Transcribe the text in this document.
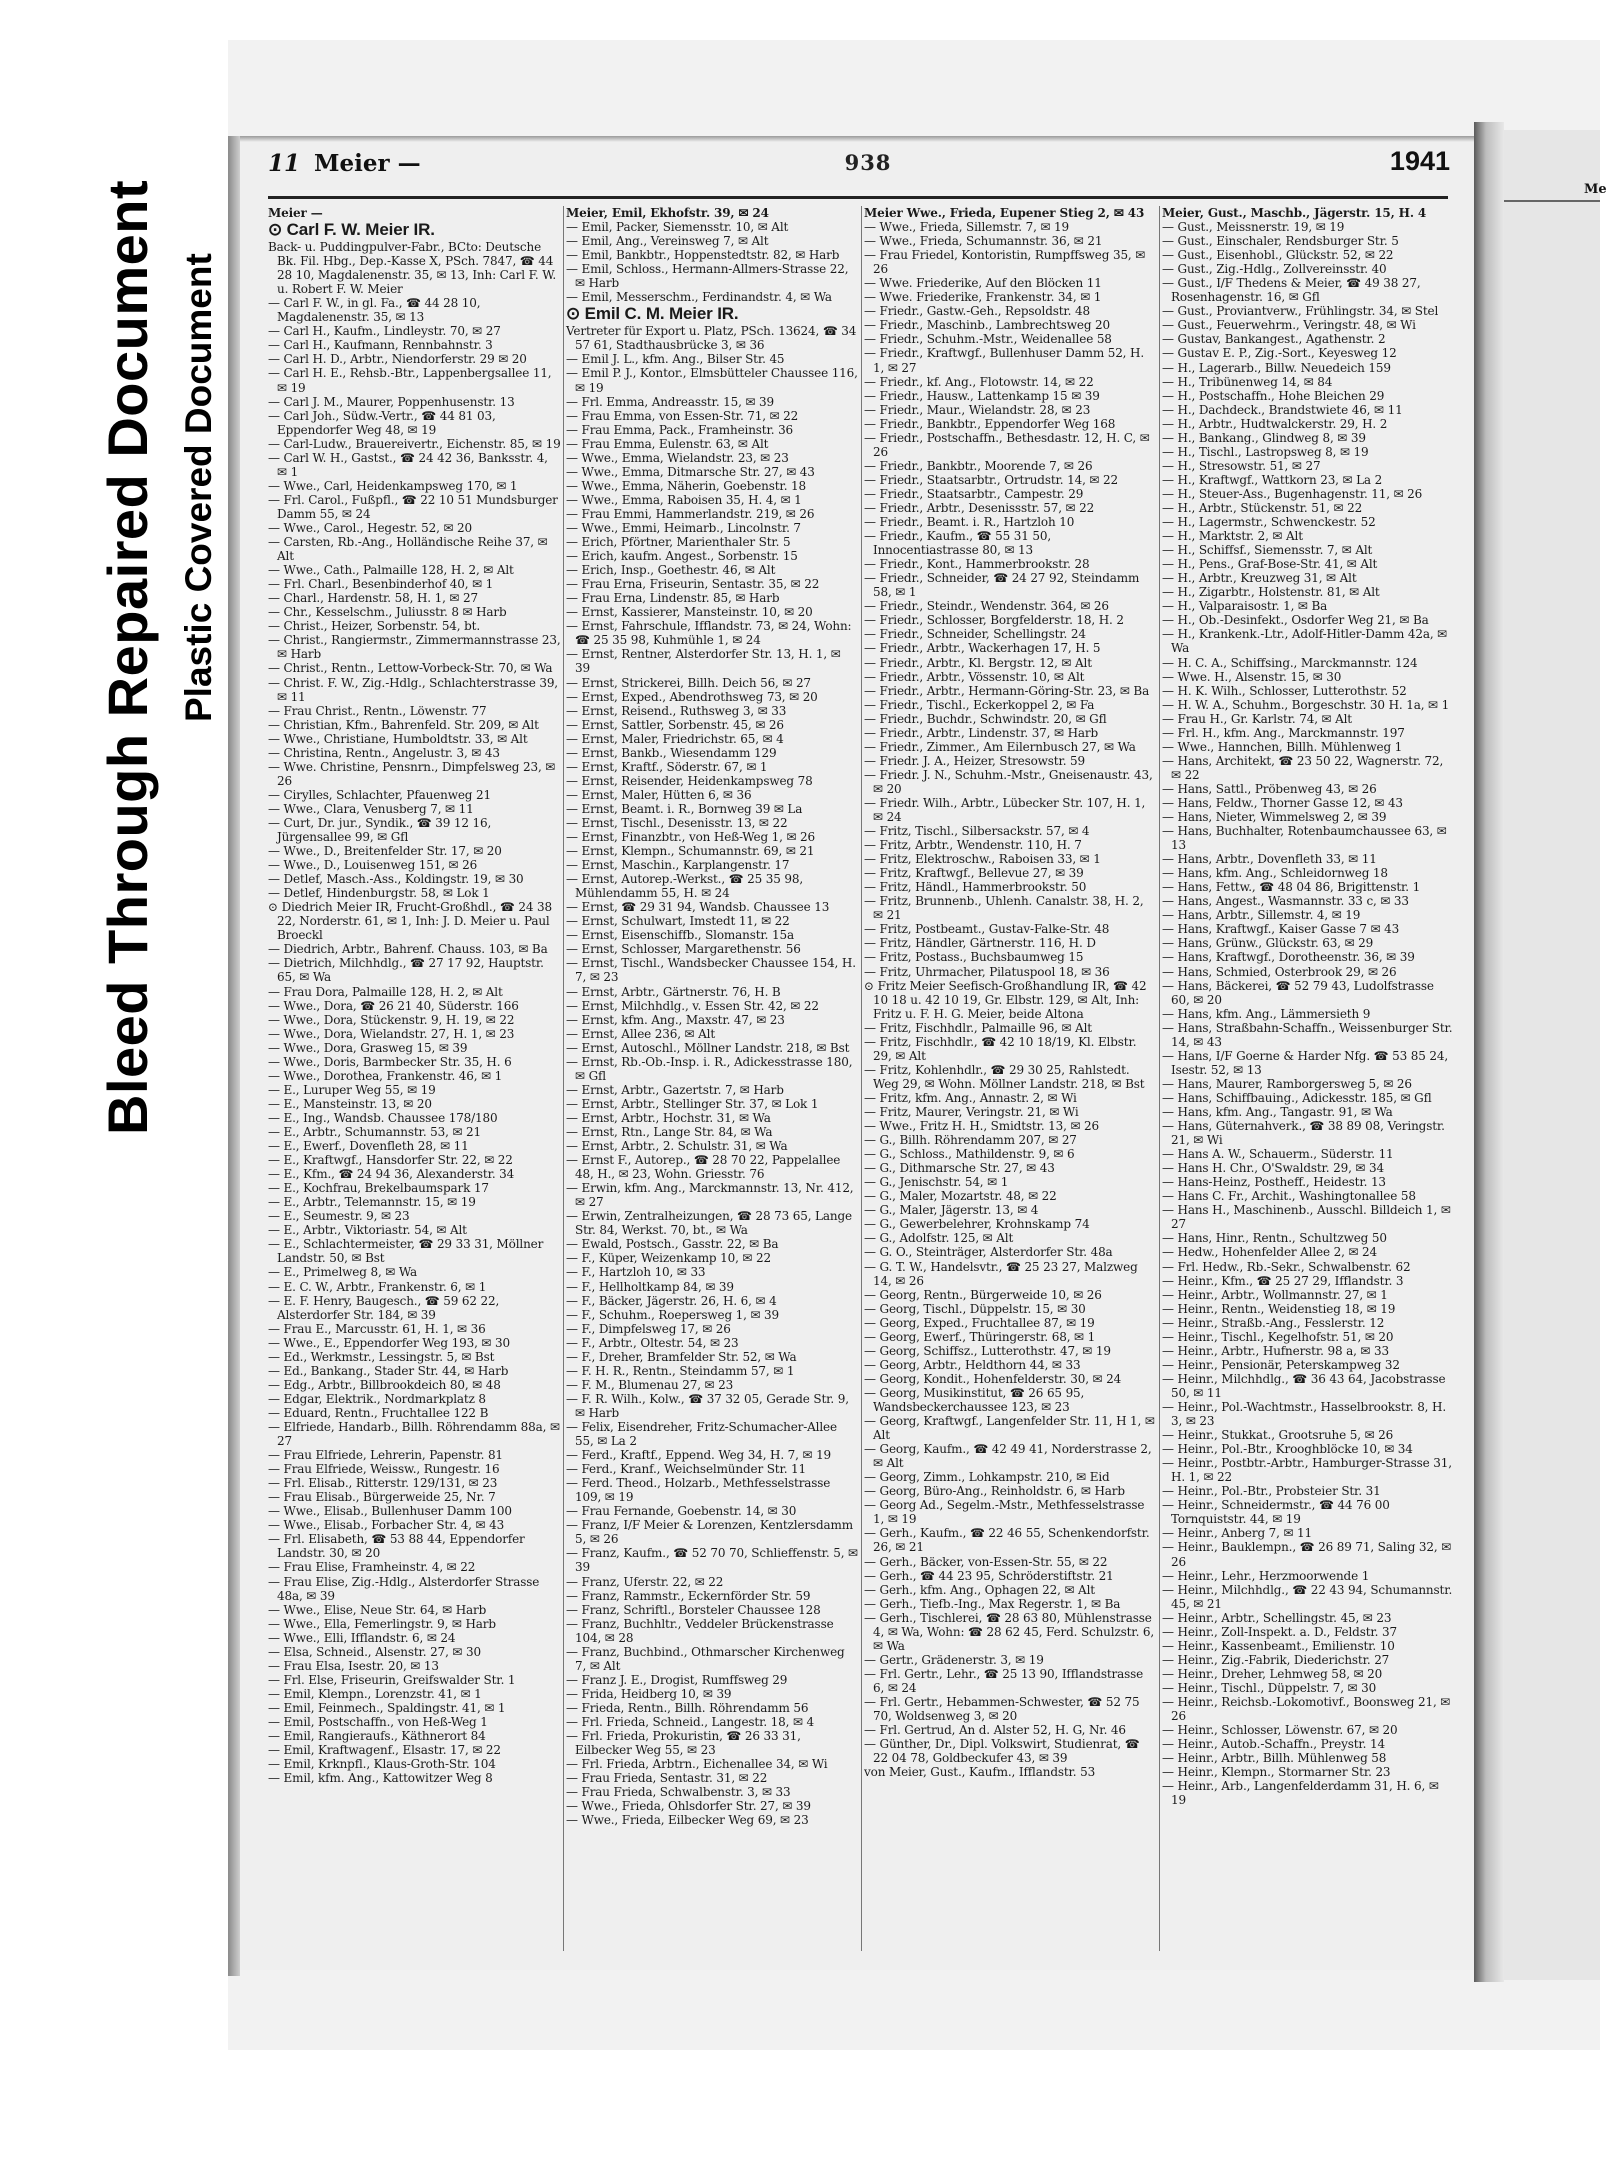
Bleed Through Repaired Document Plastic Covered Document
Me
11 Meier —	938	1941

Meier —

⊙ Carl F. W. Meier IR.

Back- u. Puddingpulver-Fabr., BCto: Deutsche Bk. Fil. Hbg., Dep.-Kasse X, PSch. 7847, ☎ 44 28 10, Magdalenenstr. 35, ✉ 13, Inh: Carl F. W. u. Robert F. W. Meier

— Carl F. W., in gl. Fa., ☎ 44 28 10, Magdalenenstr. 35, ✉ 13

— Carl H., Kaufm., Lindleystr. 70, ✉ 27

— Carl H., Kaufmann, Rennbahnstr. 3

— Carl H. D., Arbtr., Niendorferstr. 29 ✉ 20

— Carl H. E., Rehsb.-Btr., Lappenbergsallee 11, ✉ 19

— Carl J. M., Maurer, Poppenhusenstr. 13

— Carl Joh., Südw.-Vertr., ☎ 44 81 03, Eppendorfer Weg 48, ✉ 19

— Carl-Ludw., Brauereivertr., Eichenstr. 85, ✉ 19

— Carl W. H., Gastst., ☎ 24 42 36, Banksstr. 4, ✉ 1

— Wwe., Carl, Heidenkampsweg 170, ✉ 1

— Frl. Carol., Fußpfl., ☎ 22 10 51 Mundsburger Damm 55, ✉ 24

— Wwe., Carol., Hegestr. 52, ✉ 20

— Carsten, Rb.-Ang., Holländische Reihe 37, ✉ Alt

— Wwe., Cath., Palmaille 128, H. 2, ✉ Alt

— Frl. Charl., Besenbinderhof 40, ✉ 1

— Charl., Hardenstr. 58, H. 1, ✉ 27

— Chr., Kesselschm., Juliusstr. 8 ✉ Harb

— Christ., Heizer, Sorbenstr. 54, bt.

— Christ., Rangiermstr., Zimmermannstrasse 23, ✉ Harb

— Christ., Rentn., Lettow-Vorbeck-Str. 70, ✉ Wa

— Christ. F. W., Zig.-Hdlg., Schlachterstrasse 39, ✉ 11

— Frau Christ., Rentn., Löwenstr. 77

— Christian, Kfm., Bahrenfeld. Str. 209, ✉ Alt

— Wwe., Christiane, Humboldtstr. 33, ✉ Alt

— Christina, Rentn., Angelustr. 3, ✉ 43

— Wwe. Christine, Pensnrn., Dimpfelsweg 23, ✉ 26

— Cirylles, Schlachter, Pfauenweg 21

— Wwe., Clara, Venusberg 7, ✉ 11

— Curt, Dr. jur., Syndik., ☎ 39 12 16, Jürgensallee 99, ✉ Gfl

— Wwe., D., Breitenfelder Str. 17, ✉ 20

— Wwe., D., Louisenweg 151, ✉ 26

— Detlef, Masch.-Ass., Koldingstr. 19, ✉ 30

— Detlef, Hindenburgstr. 58, ✉ Lok 1

⊙ Diedrich Meier IR, Frucht-Großhdl., ☎ 24 38 22, Norderstr. 61, ✉ 1, Inh: J. D. Meier u. Paul Broeckl

— Diedrich, Arbtr., Bahrenf. Chauss. 103, ✉ Ba

— Dietrich, Milchhdlg., ☎ 27 17 92, Hauptstr. 65, ✉ Wa

— Frau Dora, Palmaille 128, H. 2, ✉ Alt

— Wwe., Dora, ☎ 26 21 40, Süderstr. 166

— Wwe., Dora, Stückenstr. 9, H. 19, ✉ 22

— Wwe., Dora, Wielandstr. 27, H. 1, ✉ 23

— Wwe., Dora, Grasweg 15, ✉ 39

— Wwe., Doris, Barmbecker Str. 35, H. 6

— Wwe., Dorothea, Frankenstr. 46, ✉ 1

— E., Luruper Weg 55, ✉ 19

— E., Mansteinstr. 13, ✉ 20

— E., Ing., Wandsb. Chaussee 178/180

— E., Arbtr., Schumannstr. 53, ✉ 21

— E., Ewerf., Dovenfleth 28, ✉ 11

— E., Kraftwgf., Hansdorfer Str. 22, ✉ 22

— E., Kfm., ☎ 24 94 36, Alexanderstr. 34

— E., Kochfrau, Brekelbaumspark 17

— E., Arbtr., Telemannstr. 15, ✉ 19

— E., Seumestr. 9, ✉ 23

— E., Arbtr., Viktoriastr. 54, ✉ Alt

— E., Schlachtermeister, ☎ 29 33 31, Möllner Landstr. 50, ✉ Bst

— E., Primelweg 8, ✉ Wa

— E. C. W., Arbtr., Frankenstr. 6, ✉ 1

— E. F. Henry, Baugesch., ☎ 59 62 22, Alsterdorfer Str. 184, ✉ 39

— Frau E., Marcusstr. 61, H. 1, ✉ 36

— Wwe., E., Eppendorfer Weg 193, ✉ 30

— Ed., Werkmstr., Lessingstr. 5, ✉ Bst

— Ed., Bankang., Stader Str. 44, ✉ Harb

— Edg., Arbtr., Billbrookdeich 80, ✉ 48

— Edgar, Elektrik., Nordmarkplatz 8

— Eduard, Rentn., Fruchtallee 122 B

— Elfriede, Handarb., Billh. Röhrendamm 88a, ✉ 27

— Frau Elfriede, Lehrerin, Papenstr. 81

— Frau Elfriede, Weissw., Rungestr. 16

— Frl. Elisab., Ritterstr. 129/131, ✉ 23

— Frau Elisab., Bürgerweide 25, Nr. 7

— Wwe., Elisab., Bullenhuser Damm 100

— Wwe., Elisab., Forbacher Str. 4, ✉ 43

— Frl. Elisabeth, ☎ 53 88 44, Eppendorfer Landstr. 30, ✉ 20

— Frau Elise, Framheinstr. 4, ✉ 22

— Frau Elise, Zig.-Hdlg., Alsterdorfer Strasse 48a, ✉ 39

— Wwe., Elise, Neue Str. 64, ✉ Harb

— Wwe., Ella, Femerlingstr. 9, ✉ Harb

— Wwe., Elli, Ifflandstr. 6, ✉ 24

— Elsa, Schneid., Alsenstr. 27, ✉ 30

— Frau Elsa, Isestr. 20, ✉ 13

— Frl. Else, Friseurin, Greifswalder Str. 1

— Emil, Klempn., Lorenzstr. 41, ✉ 1

— Emil, Feinmech., Spaldingstr. 41, ✉ 1

— Emil, Postschaffn., von Heß-Weg 1

— Emil, Rangieraufs., Käthnerort 84

— Emil, Kraftwagenf., Elsastr. 17, ✉ 22

— Emil, Krknpfl., Klaus-Groth-Str. 104

— Emil, kfm. Ang., Kattowitzer Weg 8

Meier, Emil, Ekhofstr. 39, ✉ 24

— Emil, Packer, Siemensstr. 10, ✉ Alt

— Emil, Ang., Vereinsweg 7, ✉ Alt

— Emil, Bankbtr., Hoppenstedtstr. 82, ✉ Harb

— Emil, Schloss., Hermann-Allmers-Strasse 22, ✉ Harb

— Emil, Messerschm., Ferdinandstr. 4, ✉ Wa

⊙ Emil C. M. Meier IR.

Vertreter für Export u. Platz, PSch. 13624, ☎ 34 57 61, Stadthausbrücke 3, ✉ 36

— Emil J. L., kfm. Ang., Bilser Str. 45

— Emil P. J., Kontor., Elmsbütteler Chaussee 116, ✉ 19

— Frl. Emma, Andreasstr. 15, ✉ 39

— Frau Emma, von Essen-Str. 71, ✉ 22

— Frau Emma, Pack., Framheinstr. 36

— Frau Emma, Eulenstr. 63, ✉ Alt

— Wwe., Emma, Wielandstr. 23, ✉ 23

— Wwe., Emma, Ditmarsche Str. 27, ✉ 43

— Wwe., Emma, Näherin, Goebenstr. 18

— Wwe., Emma, Raboisen 35, H. 4, ✉ 1

— Frau Emmi, Hammerlandstr. 219, ✉ 26

— Wwe., Emmi, Heimarb., Lincolnstr. 7

— Erich, Pförtner, Marienthaler Str. 5

— Erich, kaufm. Angest., Sorbenstr. 15

— Erich, Insp., Goethestr. 46, ✉ Alt

— Frau Erna, Friseurin, Sentastr. 35, ✉ 22

— Frau Erna, Lindenstr. 85, ✉ Harb

— Ernst, Kassierer, Mansteinstr. 10, ✉ 20

— Ernst, Fahrschule, Ifflandstr. 73, ✉ 24, Wohn: ☎ 25 35 98, Kuhmühle 1, ✉ 24

— Ernst, Rentner, Alsterdorfer Str. 13, H. 1, ✉ 39

— Ernst, Strickerei, Billh. Deich 56, ✉ 27

— Ernst, Exped., Abendrothsweg 73, ✉ 20

— Ernst, Reisend., Ruthsweg 3, ✉ 33

— Ernst, Sattler, Sorbenstr. 45, ✉ 26

— Ernst, Maler, Friedrichstr. 65, ✉ 4

— Ernst, Bankb., Wiesendamm 129

— Ernst, Kraftf., Söderstr. 67, ✉ 1

— Ernst, Reisender, Heidenkampsweg 78

— Ernst, Maler, Hütten 6, ✉ 36

— Ernst, Beamt. i. R., Bornweg 39 ✉ La

— Ernst, Tischl., Desenisstr. 13, ✉ 22

— Ernst, Finanzbtr., von Heß-Weg 1, ✉ 26

— Ernst, Klempn., Schumannstr. 69, ✉ 21

— Ernst, Maschin., Karplangenstr. 17

— Ernst, Autorep.-Werkst., ☎ 25 35 98, Mühlendamm 55, H. ✉ 24

— Ernst, ☎ 29 31 94, Wandsb. Chaussee 13

— Ernst, Schulwart, Imstedt 11, ✉ 22

— Ernst, Eisenschiffb., Slomanstr. 15a

— Ernst, Schlosser, Margarethenstr. 56

— Ernst, Tischl., Wandsbecker Chaussee 154, H. 7, ✉ 23

— Ernst, Arbtr., Gärtnerstr. 76, H. B

— Ernst, Milchhdlg., v. Essen Str. 42, ✉ 22

— Ernst, kfm. Ang., Maxstr. 47, ✉ 23

— Ernst, Allee 236, ✉ Alt

— Ernst, Autoschl., Möllner Landstr. 218, ✉ Bst

— Ernst, Rb.-Ob.-Insp. i. R., Adickesstrasse 180, ✉ Gfl

— Ernst, Arbtr., Gazertstr. 7, ✉ Harb

— Ernst, Arbtr., Stellinger Str. 37, ✉ Lok 1

— Ernst, Arbtr., Hochstr. 31, ✉ Wa

— Ernst, Rtn., Lange Str. 84, ✉ Wa

— Ernst, Arbtr., 2. Schulstr. 31, ✉ Wa

— Ernst F., Autorep., ☎ 28 70 22, Pappelallee 48, H., ✉ 23, Wohn. Griesstr. 76

— Erwin, kfm. Ang., Marckmannstr. 13, Nr. 412, ✉ 27

— Erwin, Zentralheizungen, ☎ 28 73 65, Lange Str. 84, Werkst. 70, bt., ✉ Wa

— Ewald, Postsch., Gasstr. 22, ✉ Ba

— F., Küper, Weizenkamp 10, ✉ 22

— F., Hartzloh 10, ✉ 33

— F., Hellholtkamp 84, ✉ 39

— F., Bäcker, Jägerstr. 26, H. 6, ✉ 4

— F., Schuhm., Roepersweg 1, ✉ 39

— F., Dimpfelsweg 17, ✉ 26

— F., Arbtr., Oltestr. 54, ✉ 23

— F., Dreher, Bramfelder Str. 52, ✉ Wa

— F. H. R., Rentn., Steindamm 57, ✉ 1

— F. M., Blumenau 27, ✉ 23

— F. R. Wilh., Kolw., ☎ 37 32 05, Gerade Str. 9, ✉ Harb

— Felix, Eisendreher, Fritz-Schumacher-Allee 55, ✉ La 2

— Ferd., Kraftf., Eppend. Weg 34, H. 7, ✉ 19

— Ferd., Kranf., Weichselmünder Str. 11

— Ferd. Theod., Holzarb., Methfesselstrasse 109, ✉ 19

— Frau Fernande, Goebenstr. 14, ✉ 30

— Franz, I/F Meier & Lorenzen, Kentzlersdamm 5, ✉ 26

— Franz, Kaufm., ☎ 52 70 70, Schlieffenstr. 5, ✉ 39

— Franz, Uferstr. 22, ✉ 22

— Franz, Rammstr., Eckernförder Str. 59

— Franz, Schriftl., Borsteler Chaussee 128

— Franz, Buchhltr., Veddeler Brückenstrasse 104, ✉ 28

— Franz, Buchbind., Othmarscher Kirchenweg 7, ✉ Alt

— Franz J. E., Drogist, Rumffsweg 29

— Frida, Heidberg 10, ✉ 39

— Frieda, Rentn., Billh. Röhrendamm 56

— Frl. Frieda, Schneid., Langestr. 18, ✉ 4

— Frl. Frieda, Prokuristin, ☎ 26 33 31, Eilbecker Weg 55, ✉ 23

— Frl. Frieda, Arbtrn., Eichenallee 34, ✉ Wi

— Frau Frieda, Sentastr. 31, ✉ 22

— Frau Frieda, Schwalbenstr. 3, ✉ 33

— Wwe., Frieda, Ohlsdorfer Str. 27, ✉ 39

— Wwe., Frieda, Eilbecker Weg 69, ✉ 23

Meier Wwe., Frieda, Eupener Stieg 2, ✉ 43

— Wwe., Frieda, Sillemstr. 7, ✉ 19

— Wwe., Frieda, Schumannstr. 36, ✉ 21

— Frau Friedel, Kontoristin, Rumpffsweg 35, ✉ 26

— Wwe. Friederike, Auf den Blöcken 11

— Wwe. Friederike, Frankenstr. 34, ✉ 1

— Friedr., Gastw.-Geh., Repsoldstr. 48

— Friedr., Maschinb., Lambrechtsweg 20

— Friedr., Schuhm.-Mstr., Weidenallee 58

— Friedr., Kraftwgf., Bullenhuser Damm 52, H. 1, ✉ 27

— Friedr., kf. Ang., Flotowstr. 14, ✉ 22

— Friedr., Hausw., Lattenkamp 15 ✉ 39

— Friedr., Maur., Wielandstr. 28, ✉ 23

— Friedr., Bankbtr., Eppendorfer Weg 168

— Friedr., Postschaffn., Bethesdastr. 12, H. C, ✉ 26

— Friedr., Bankbtr., Moorende 7, ✉ 26

— Friedr., Staatsarbtr., Ortrudstr. 14, ✉ 22

— Friedr., Staatsarbtr., Campestr. 29

— Friedr., Arbtr., Desenissstr. 57, ✉ 22

— Friedr., Beamt. i. R., Hartzloh 10

— Friedr., Kaufm., ☎ 55 31 50, Innocentiastrasse 80, ✉ 13

— Friedr., Kont., Hammerbrookstr. 28

— Friedr., Schneider, ☎ 24 27 92, Steindamm 58, ✉ 1

— Friedr., Steindr., Wendenstr. 364, ✉ 26

— Friedr., Schlosser, Borgfelderstr. 18, H. 2

— Friedr., Schneider, Schellingstr. 24

— Friedr., Arbtr., Wackerhagen 17, H. 5

— Friedr., Arbtr., Kl. Bergstr. 12, ✉ Alt

— Friedr., Arbtr., Vössenstr. 10, ✉ Alt

— Friedr., Arbtr., Hermann-Göring-Str. 23, ✉ Ba

— Friedr., Tischl., Eckerkoppel 2, ✉ Fa

— Friedr., Buchdr., Schwindstr. 20, ✉ Gfl

— Friedr., Arbtr., Lindenstr. 37, ✉ Harb

— Friedr., Zimmer., Am Eilernbusch 27, ✉ Wa

— Friedr. J. A., Heizer, Stresowstr. 59

— Friedr. J. N., Schuhm.-Mstr., Gneisenaustr. 43, ✉ 20

— Friedr. Wilh., Arbtr., Lübecker Str. 107, H. 1, ✉ 24

— Fritz, Tischl., Silbersackstr. 57, ✉ 4

— Fritz, Arbtr., Wendenstr. 110, H. 7

— Fritz, Elektroschw., Raboisen 33, ✉ 1

— Fritz, Kraftwgf., Bellevue 27, ✉ 39

— Fritz, Händl., Hammerbrookstr. 50

— Fritz, Brunnenb., Uhlenh. Canalstr. 38, H. 2, ✉ 21

— Fritz, Postbeamt., Gustav-Falke-Str. 48

— Fritz, Händler, Gärtnerstr. 116, H. D

— Fritz, Postass., Buchsbaumweg 15

— Fritz, Uhrmacher, Pilatuspool 18, ✉ 36

⊙ Fritz Meier Seefisch-Großhandlung IR, ☎ 42 10 18 u. 42 10 19, Gr. Elbstr. 129, ✉ Alt, Inh: Fritz u. F. H. G. Meier, beide Altona

— Fritz, Fischhdlr., Palmaille 96, ✉ Alt

— Fritz, Fischhdlr., ☎ 42 10 18/19, Kl. Elbstr. 29, ✉ Alt

— Fritz, Kohlenhdlr., ☎ 29 30 25, Rahlstedt. Weg 29, ✉ Wohn. Möllner Landstr. 218, ✉ Bst

— Fritz, kfm. Ang., Annastr. 2, ✉ Wi

— Fritz, Maurer, Veringstr. 21, ✉ Wi

— Wwe., Fritz H. H., Smidtstr. 13, ✉ 26

— G., Billh. Röhrendamm 207, ✉ 27

— G., Schloss., Mathildenstr. 9, ✉ 6

— G., Dithmarsche Str. 27, ✉ 43

— G., Jenischstr. 54, ✉ 1

— G., Maler, Mozartstr. 48, ✉ 22

— G., Maler, Jägerstr. 13, ✉ 4

— G., Gewerbelehrer, Krohnskamp 74

— G., Adolfstr. 125, ✉ Alt

— G. O., Steinträger, Alsterdorfer Str. 48a

— G. T. W., Handelsvtr., ☎ 25 23 27, Malzweg 14, ✉ 26

— Georg, Rentn., Bürgerweide 10, ✉ 26

— Georg, Tischl., Düppelstr. 15, ✉ 30

— Georg, Exped., Fruchtallee 87, ✉ 19

— Georg, Ewerf., Thüringerstr. 68, ✉ 1

— Georg, Schiffsz., Lutterothstr. 47, ✉ 19

— Georg, Arbtr., Heldthorn 44, ✉ 33

— Georg, Kondit., Hohenfelderstr. 30, ✉ 24

— Georg, Musikinstitut, ☎ 26 65 95, Wandsbeckerchaussee 123, ✉ 23

— Georg, Kraftwgf., Langenfelder Str. 11, H 1, ✉ Alt

— Georg, Kaufm., ☎ 42 49 41, Norderstrasse 2, ✉ Alt

— Georg, Zimm., Lohkampstr. 210, ✉ Eid

— Georg, Büro-Ang., Reinholdstr. 6, ✉ Harb

— Georg Ad., Segelm.-Mstr., Methfesselstrasse 1, ✉ 19

— Gerh., Kaufm., ☎ 22 46 55, Schenkendorfstr. 26, ✉ 21

— Gerh., Bäcker, von-Essen-Str. 55, ✉ 22

— Gerh., ☎ 44 23 95, Schröderstiftstr. 21

— Gerh., kfm. Ang., Ophagen 22, ✉ Alt

— Gerh., Tiefb.-Ing., Max Regerstr. 1, ✉ Ba

— Gerh., Tischlerei, ☎ 28 63 80, Mühlenstrasse 4, ✉ Wa, Wohn: ☎ 28 62 45, Ferd. Schulzstr. 6, ✉ Wa

— Gertr., Grädenerstr. 3, ✉ 19

— Frl. Gertr., Lehr., ☎ 25 13 90, Ifflandstrasse 6, ✉ 24

— Frl. Gertr., Hebammen-Schwester, ☎ 52 75 70, Woldsenweg 3, ✉ 20

— Frl. Gertrud, An d. Alster 52, H. G, Nr. 46

— Günther, Dr., Dipl. Volkswirt, Studienrat, ☎ 22 04 78, Goldbeckufer 43, ✉ 39

von Meier, Gust., Kaufm., Ifflandstr. 53

Meier, Gust., Maschb., Jägerstr. 15, H. 4

— Gust., Meissnerstr. 19, ✉ 19

— Gust., Einschaler, Rendsburger Str. 5

— Gust., Eisenhobl., Glückstr. 52, ✉ 22

— Gust., Zig.-Hdlg., Zollvereinsstr. 40

— Gust., I/F Thedens & Meier, ☎ 49 38 27, Rosenhagenstr. 16, ✉ Gfl

— Gust., Proviantverw., Frühlingstr. 34, ✉ Stel

— Gust., Feuerwehrm., Veringstr. 48, ✉ Wi

— Gustav, Bankangest., Agathenstr. 2

— Gustav E. P., Zig.-Sort., Keyesweg 12

— H., Lagerarb., Billw. Neuedeich 159

— H., Tribünenweg 14, ✉ 84

— H., Postschaffn., Hohe Bleichen 29

— H., Dachdeck., Brandstwiete 46, ✉ 11

— H., Arbtr., Hudtwalckerstr. 29, H. 2

— H., Bankang., Glindweg 8, ✉ 39

— H., Tischl., Lastropsweg 8, ✉ 19

— H., Stresowstr. 51, ✉ 27

— H., Kraftwgf., Wattkorn 23, ✉ La 2

— H., Steuer-Ass., Bugenhagenstr. 11, ✉ 26

— H., Arbtr., Stückenstr. 51, ✉ 22

— H., Lagermstr., Schwenckestr. 52

— H., Marktstr. 2, ✉ Alt

— H., Schiffsf., Siemensstr. 7, ✉ Alt

— H., Pens., Graf-Bose-Str. 41, ✉ Alt

— H., Arbtr., Kreuzweg 31, ✉ Alt

— H., Zigarbtr., Holstenstr. 81, ✉ Alt

— H., Valparaisostr. 1, ✉ Ba

— H., Ob.-Desinfekt., Osdorfer Weg 21, ✉ Ba

— H., Krankenk.-Ltr., Adolf-Hitler-Damm 42a, ✉ Wa

— H. C. A., Schiffsing., Marckmannstr. 124

— Wwe. H., Alsenstr. 15, ✉ 30

— H. K. Wilh., Schlosser, Lutterothstr. 52

— H. W. A., Schuhm., Borgeschstr. 30 H. 1a, ✉ 1

— Frau H., Gr. Karlstr. 74, ✉ Alt

— Frl. H., kfm. Ang., Marckmannstr. 197

— Wwe., Hannchen, Billh. Mühlenweg 1

— Hans, Architekt, ☎ 23 50 22, Wagnerstr. 72, ✉ 22

— Hans, Sattl., Pröbenweg 43, ✉ 26

— Hans, Feldw., Thorner Gasse 12, ✉ 43

— Hans, Nieter, Wimmelsweg 2, ✉ 39

— Hans, Buchhalter, Rotenbaumchaussee 63, ✉ 13

— Hans, Arbtr., Dovenfleth 33, ✉ 11

— Hans, kfm. Ang., Schleidornweg 18

— Hans, Fettw., ☎ 48 04 86, Brigittenstr. 1

— Hans, Angest., Wasmannstr. 33 c, ✉ 33

— Hans, Arbtr., Sillemstr. 4, ✉ 19

— Hans, Kraftwgf., Kaiser Gasse 7 ✉ 43

— Hans, Grünw., Glückstr. 63, ✉ 29

— Hans, Kraftwgf., Dorotheenstr. 36, ✉ 39

— Hans, Schmied, Osterbrook 29, ✉ 26

— Hans, Bäckerei, ☎ 52 79 43, Ludolfstrasse 60, ✉ 20

— Hans, kfm. Ang., Lämmersieth 9

— Hans, Straßbahn-Schaffn., Weissenburger Str. 14, ✉ 43

— Hans, I/F Goerne & Harder Nfg. ☎ 53 85 24, Isestr. 52, ✉ 13

— Hans, Maurer, Ramborgersweg 5, ✉ 26

— Hans, Schiffbauing., Adickesstr. 185, ✉ Gfl

— Hans, kfm. Ang., Tangastr. 91, ✉ Wa

— Hans, Güternahverk., ☎ 38 89 08, Veringstr. 21, ✉ Wi

— Hans A. W., Schauerm., Süderstr. 11

— Hans H. Chr., O'Swaldstr. 29, ✉ 34

— Hans-Heinz, Postheff., Heidestr. 13

— Hans C. Fr., Archit., Washingtonallee 58

— Hans H., Maschinenb., Ausschl. Billdeich 1, ✉ 27

— Hans, Hinr., Rentn., Schultzweg 50

— Hedw., Hohenfelder Allee 2, ✉ 24

— Frl. Hedw., Rb.-Sekr., Schwalbenstr. 62

— Heinr., Kfm., ☎ 25 27 29, Ifflandstr. 3

— Heinr., Arbtr., Wollmannstr. 27, ✉ 1

— Heinr., Rentn., Weidenstieg 18, ✉ 19

— Heinr., Straßb.-Ang., Fesslerstr. 12

— Heinr., Tischl., Kegelhofstr. 51, ✉ 20

— Heinr., Arbtr., Hufnerstr. 98 a, ✉ 33

— Heinr., Pensionär, Peterskampweg 32

— Heinr., Milchhdlg., ☎ 36 43 64, Jacobstrasse 50, ✉ 11

— Heinr., Pol.-Wachtmstr., Hasselbrookstr. 8, H. 3, ✉ 23

— Heinr., Stukkat., Grootsruhe 5, ✉ 26

— Heinr., Pol.-Btr., Krooghblöcke 10, ✉ 34

— Heinr., Postbtr.-Arbtr., Hamburger-Strasse 31, H. 1, ✉ 22

— Heinr., Pol.-Btr., Probsteier Str. 31

— Heinr., Schneidermstr., ☎ 44 76 00 Tornquiststr. 44, ✉ 19

— Heinr., Anberg 7, ✉ 11

— Heinr., Bauklempn., ☎ 26 89 71, Saling 32, ✉ 26

— Heinr., Lehr., Herzmoorwende 1

— Heinr., Milchhdlg., ☎ 22 43 94, Schumannstr. 45, ✉ 21

— Heinr., Arbtr., Schellingstr. 45, ✉ 23

— Heinr., Zoll-Inspekt. a. D., Feldstr. 37

— Heinr., Kassenbeamt., Emilienstr. 10

— Heinr., Zig.-Fabrik, Diederichstr. 27

— Heinr., Dreher, Lehmweg 58, ✉ 20

— Heinr., Tischl., Düppelstr. 7, ✉ 30

— Heinr., Reichsb.-Lokomotivf., Boonsweg 21, ✉ 26

— Heinr., Schlosser, Löwenstr. 67, ✉ 20

— Heinr., Autob.-Schaffn., Preystr. 14

— Heinr., Arbtr., Billh. Mühlenweg 58

— Heinr., Klempn., Stormarner Str. 23

— Heinr., Arb., Langenfelderdamm 31, H. 6, ✉ 19
